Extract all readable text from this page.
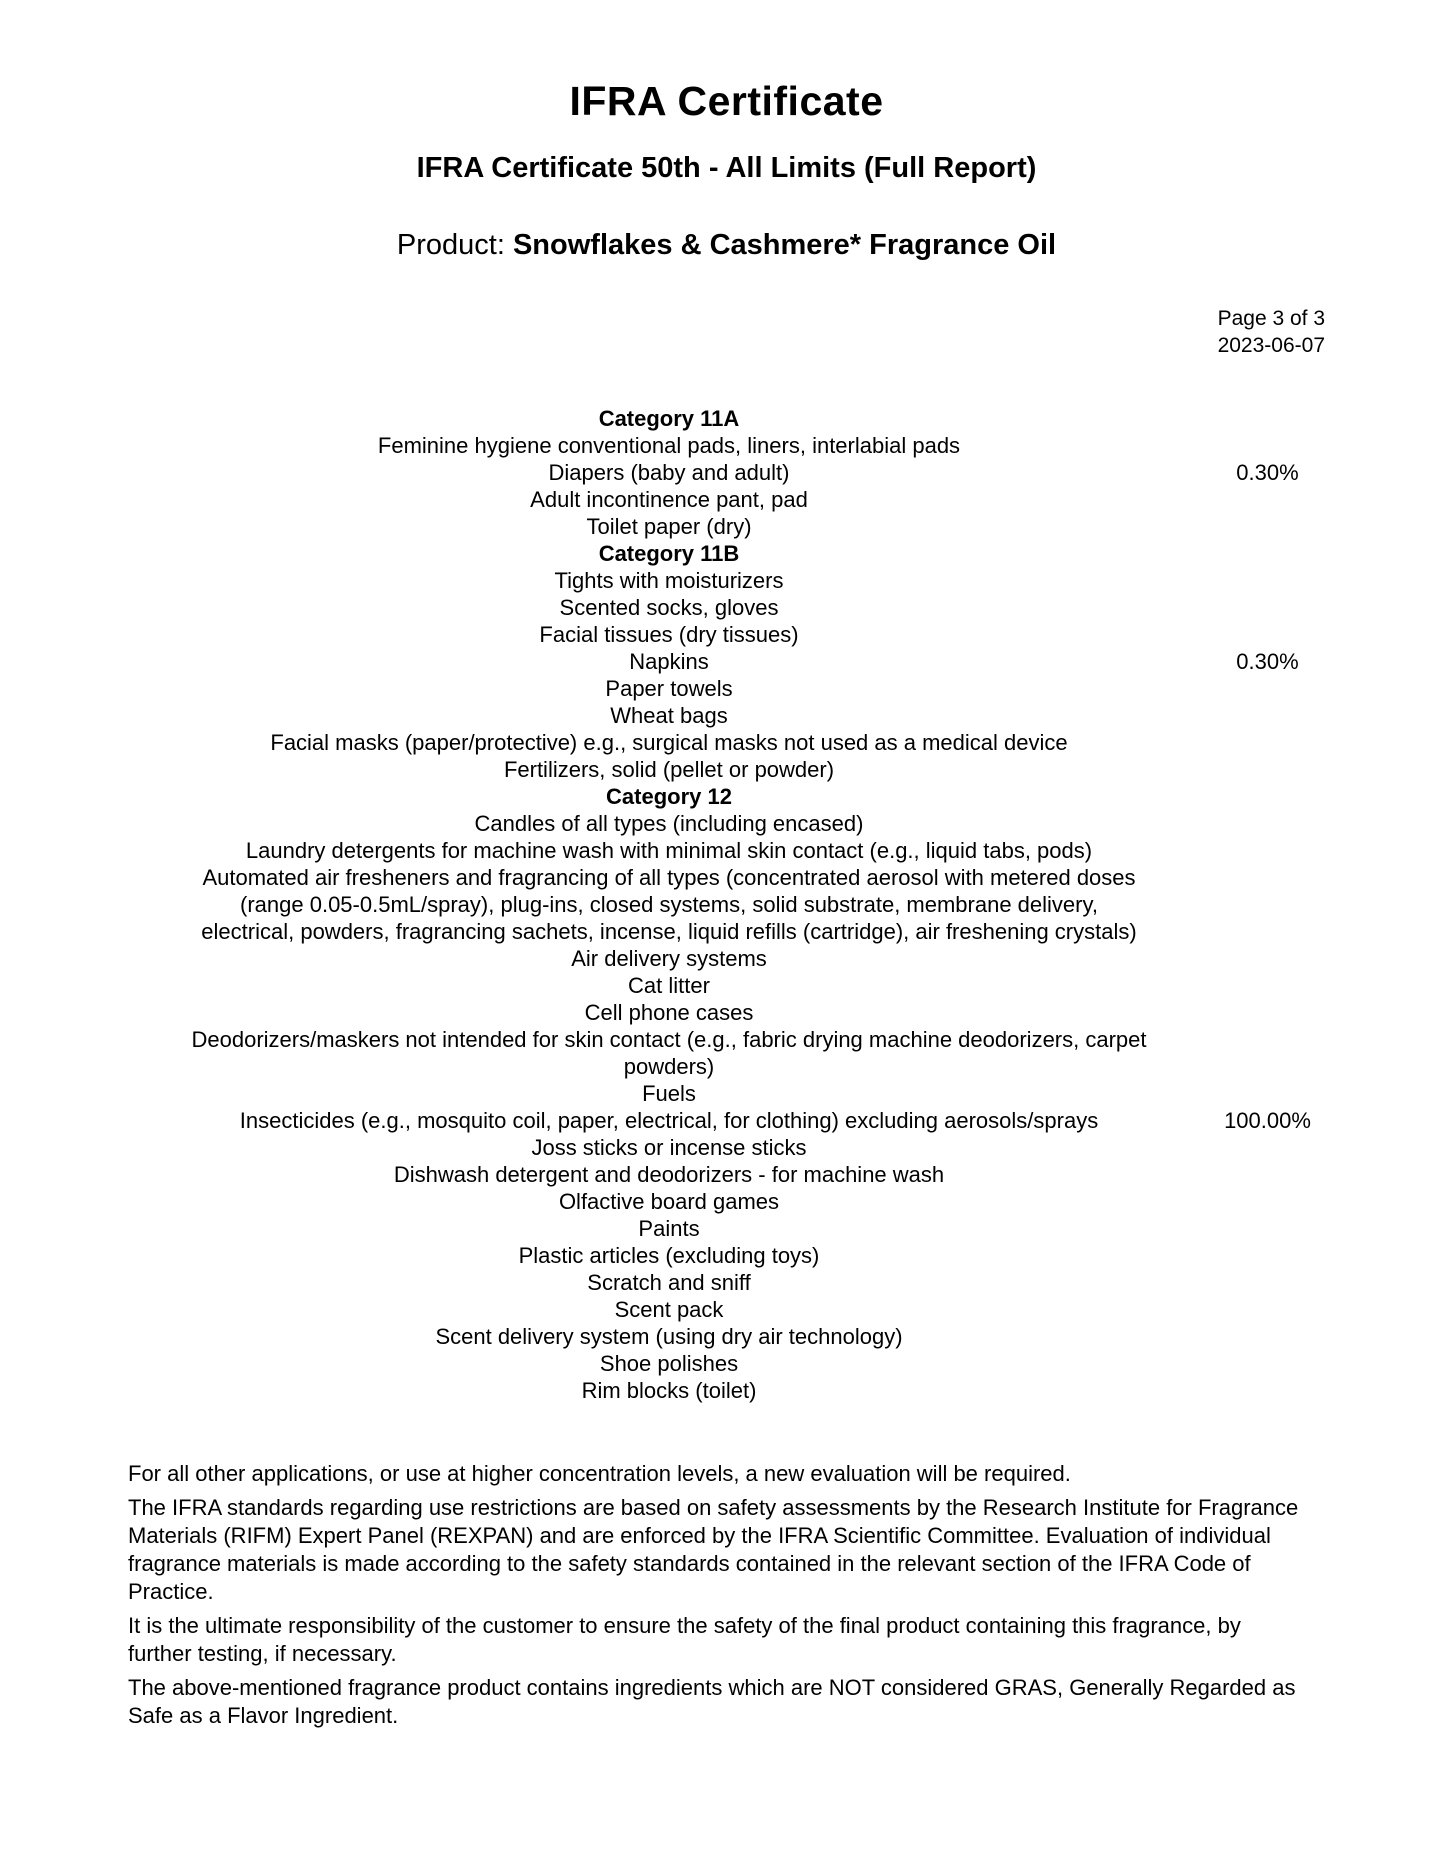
IFRA Certificate
IFRA Certificate 50th - All Limits (Full Report)

Product: Snowflakes & Cashmere* Fragrance Oil

Page 3 of 3
2023-06-07
Category 11A
Feminine hygiene conventional pads, liners, interlabial pads
Diapers (baby and adult)	0.30%
Adult incontinence pant, pad
Toilet paper (dry)
Category 11B
Tights with moisturizers
Scented socks, gloves
Facial tissues (dry tissues)
Napkins	0.30%
Paper towels
Wheat bags
Facial masks (paper/protective) e.g., surgical masks not used as a medical device
Fertilizers, solid (pellet or powder)
Category 12
Candles of all types (including encased)
Laundry detergents for machine wash with minimal skin contact (e.g., liquid tabs, pods)
Automated air fresheners and fragrancing of all types (concentrated aerosol with metered doses
(range 0.05-0.5mL/spray), plug-ins, closed systems, solid substrate, membrane delivery,
electrical, powders, fragrancing sachets, incense, liquid refills (cartridge), air freshening crystals)
Air delivery systems
Cat litter
Cell phone cases
Deodorizers/maskers not intended for skin contact (e.g., fabric drying machine deodorizers, carpet
powders)
Fuels
Insecticides (e.g., mosquito coil, paper, electrical, for clothing) excluding aerosols/sprays	100.00%
Joss sticks or incense sticks
Dishwash detergent and deodorizers - for machine wash
Olfactive board games
Paints
Plastic articles (excluding toys)
Scratch and sniff
Scent pack
Scent delivery system (using dry air technology)
Shoe polishes
Rim blocks (toilet)

For all other applications, or use at higher concentration levels, a new evaluation will be required.

The IFRA standards regarding use restrictions are based on safety assessments by the Research Institute for Fragrance Materials (RIFM) Expert Panel (REXPAN) and are enforced by the IFRA Scientific Committee. Evaluation of individual fragrance materials is made according to the safety standards contained in the relevant section of the IFRA Code of Practice.

It is the ultimate responsibility of the customer to ensure the safety of the final product containing this fragrance, by further testing, if necessary.

The above-mentioned fragrance product contains ingredients which are NOT considered GRAS, Generally Regarded as Safe as a Flavor Ingredient.
